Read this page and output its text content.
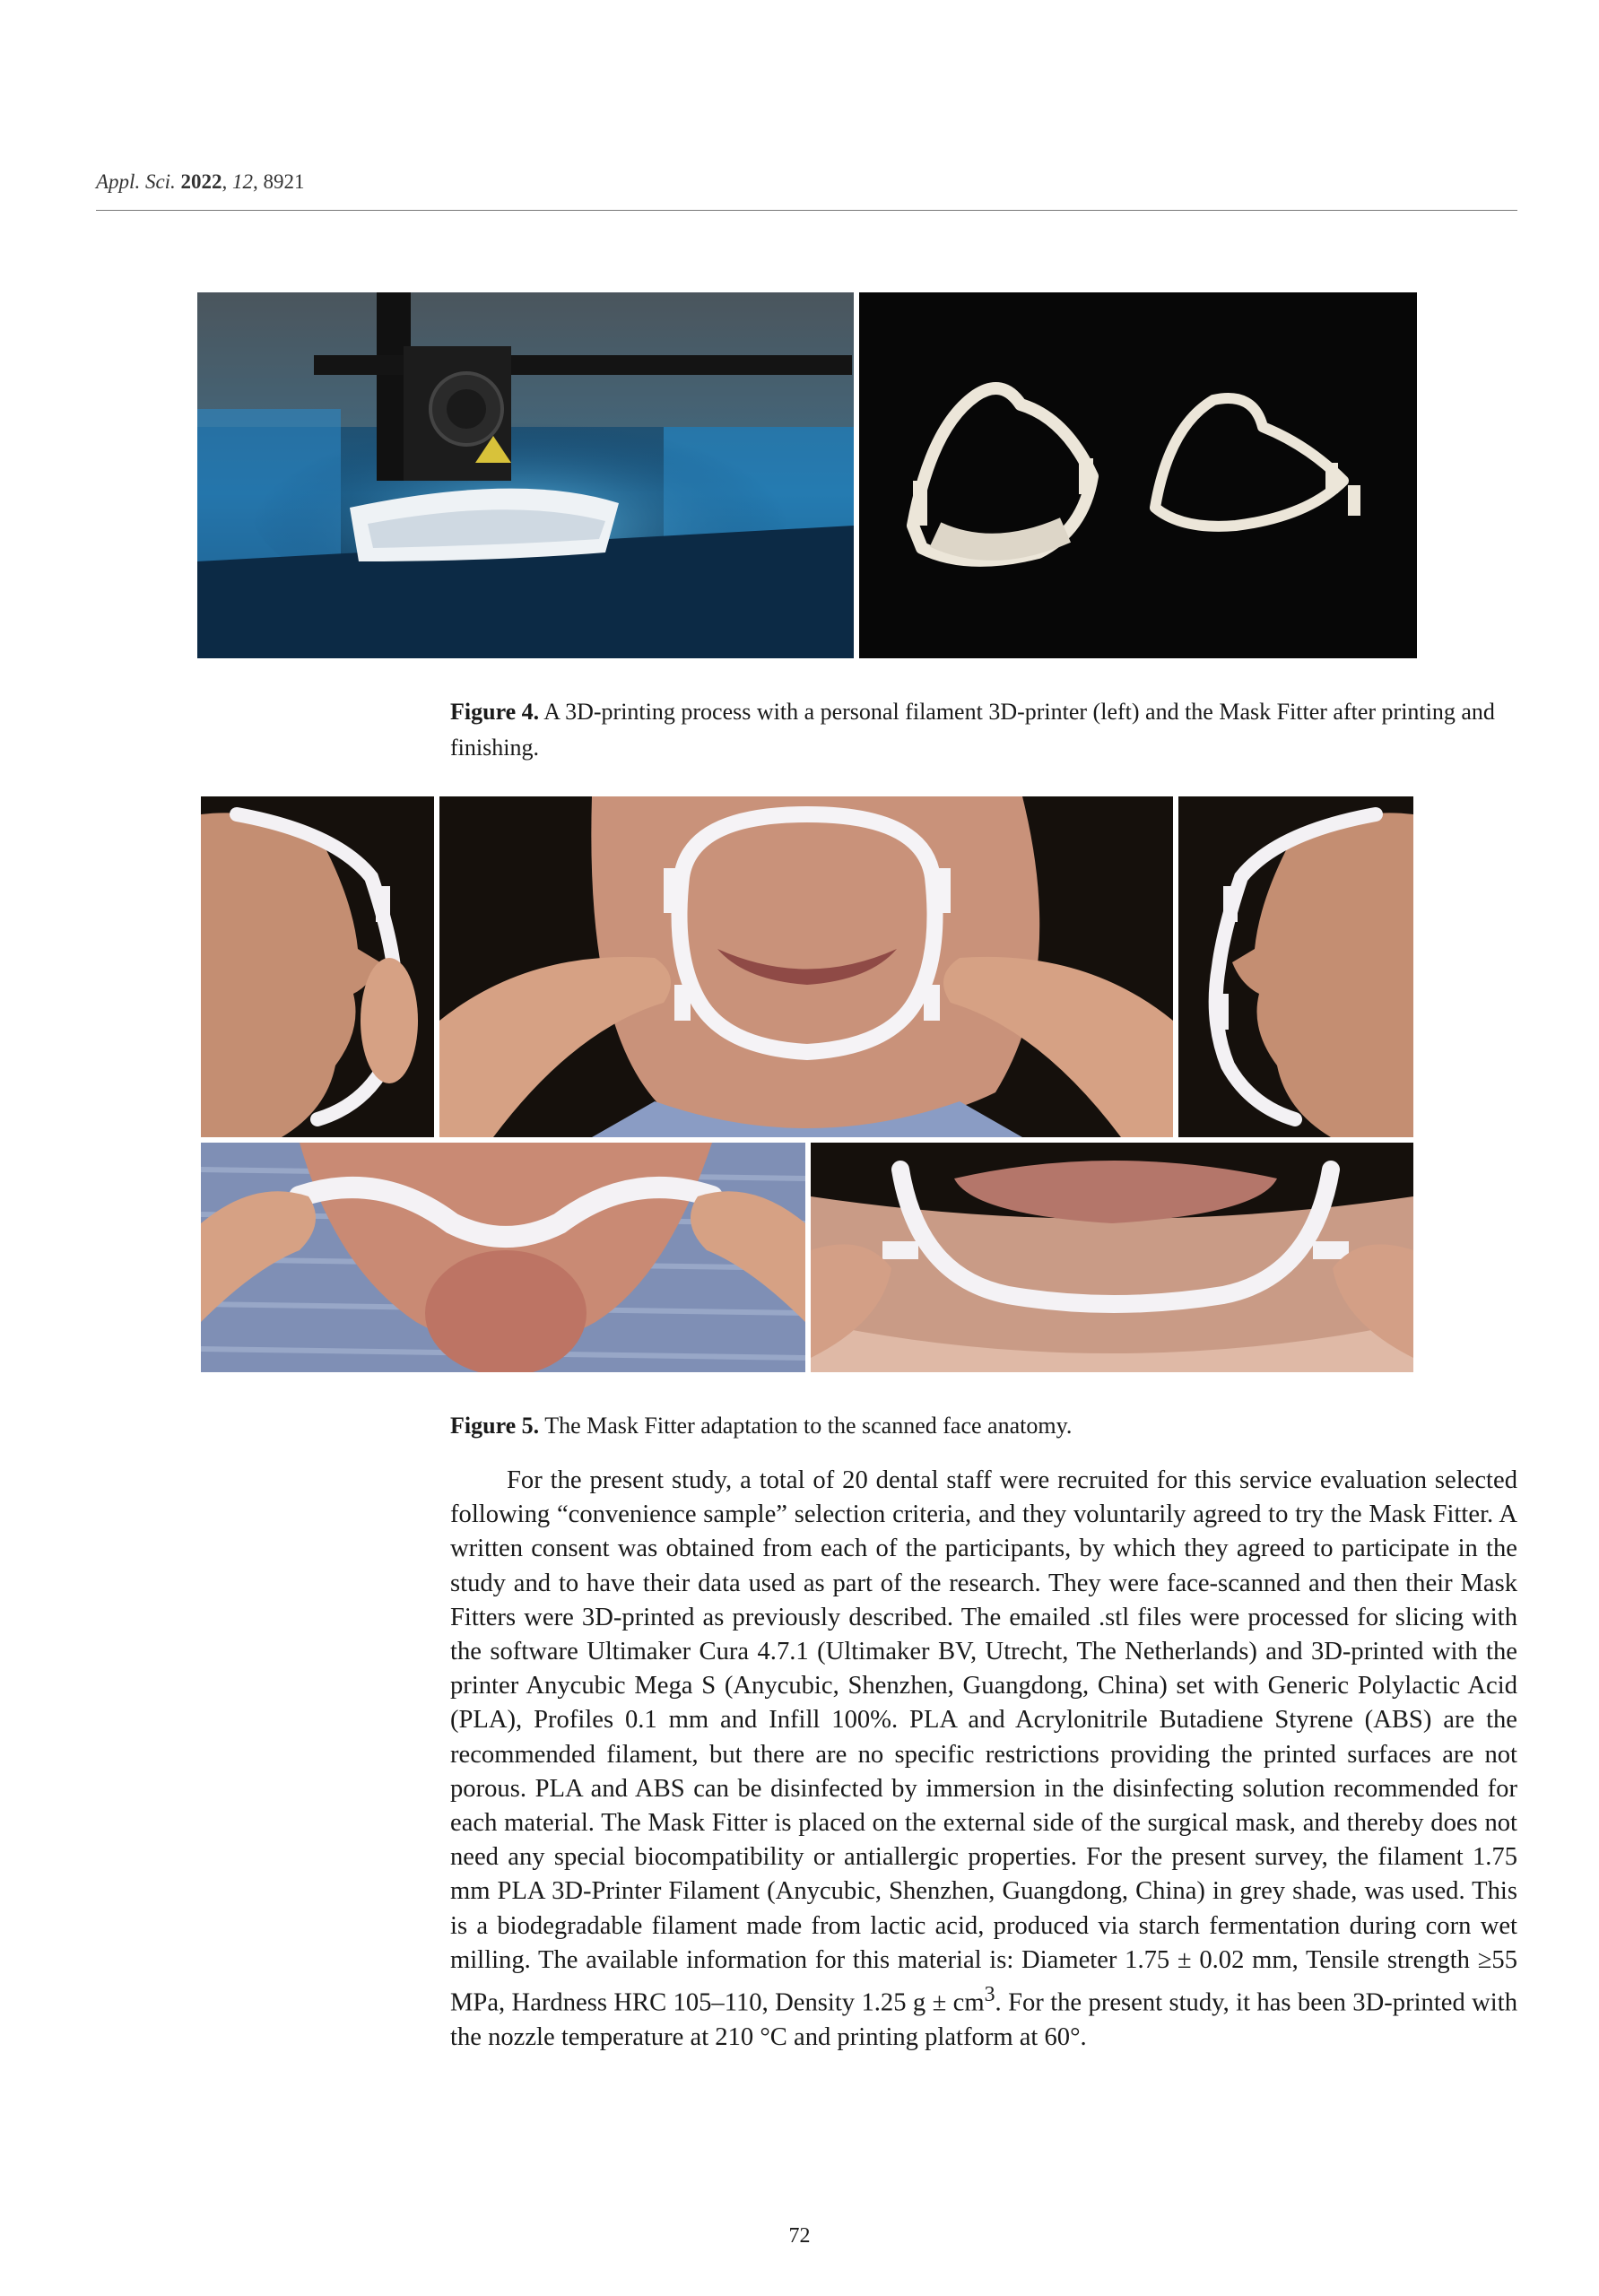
Appl. Sci. 2022, 12, 8921
Figure 4. A 3D-printing process with a personal filament 3D-printer (left) and the Mask Fitter after printing and finishing.
Figure 5. The Mask Fitter adaptation to the scanned face anatomy.

For the present study, a total of 20 dental staff were recruited for this service evaluation selected following “convenience sample” selection criteria, and they voluntarily agreed to try the Mask Fitter. A written consent was obtained from each of the participants, by which they agreed to participate in the study and to have their data used as part of the research. They were face-scanned and then their Mask Fitters were 3D-printed as previously described. The emailed .stl files were processed for slicing with the software Ultimaker Cura 4.7.1 (Ultimaker BV, Utrecht, The Netherlands) and 3D-printed with the printer Anycubic Mega S (Anycubic, Shenzhen, Guangdong, China) set with Generic Polylactic Acid (PLA), Profiles 0.1 mm and Infill 100%. PLA and Acrylonitrile Butadiene Styrene (ABS) are the recommended filament, but there are no specific restrictions providing the printed surfaces are not porous. PLA and ABS can be disinfected by immersion in the disinfecting solution recommended for each material. The Mask Fitter is placed on the external side of the surgical mask, and thereby does not need any special biocompatibility or antiallergic properties. For the present survey, the filament 1.75 mm PLA 3D-Printer Filament (Anycubic, Shenzhen, Guangdong, China) in grey shade, was used. This is a biodegradable filament made from lactic acid, produced via starch fermentation during corn wet milling. The available information for this material is: Diameter 1.75 ± 0.02 mm, Tensile strength ≥55 MPa, Hardness HRC 105–110, Density 1.25 $g \pm cm^3$. For the present study, it has been 3D-printed with the nozzle temperature at 210 °C and printing platform at 60°.

72
